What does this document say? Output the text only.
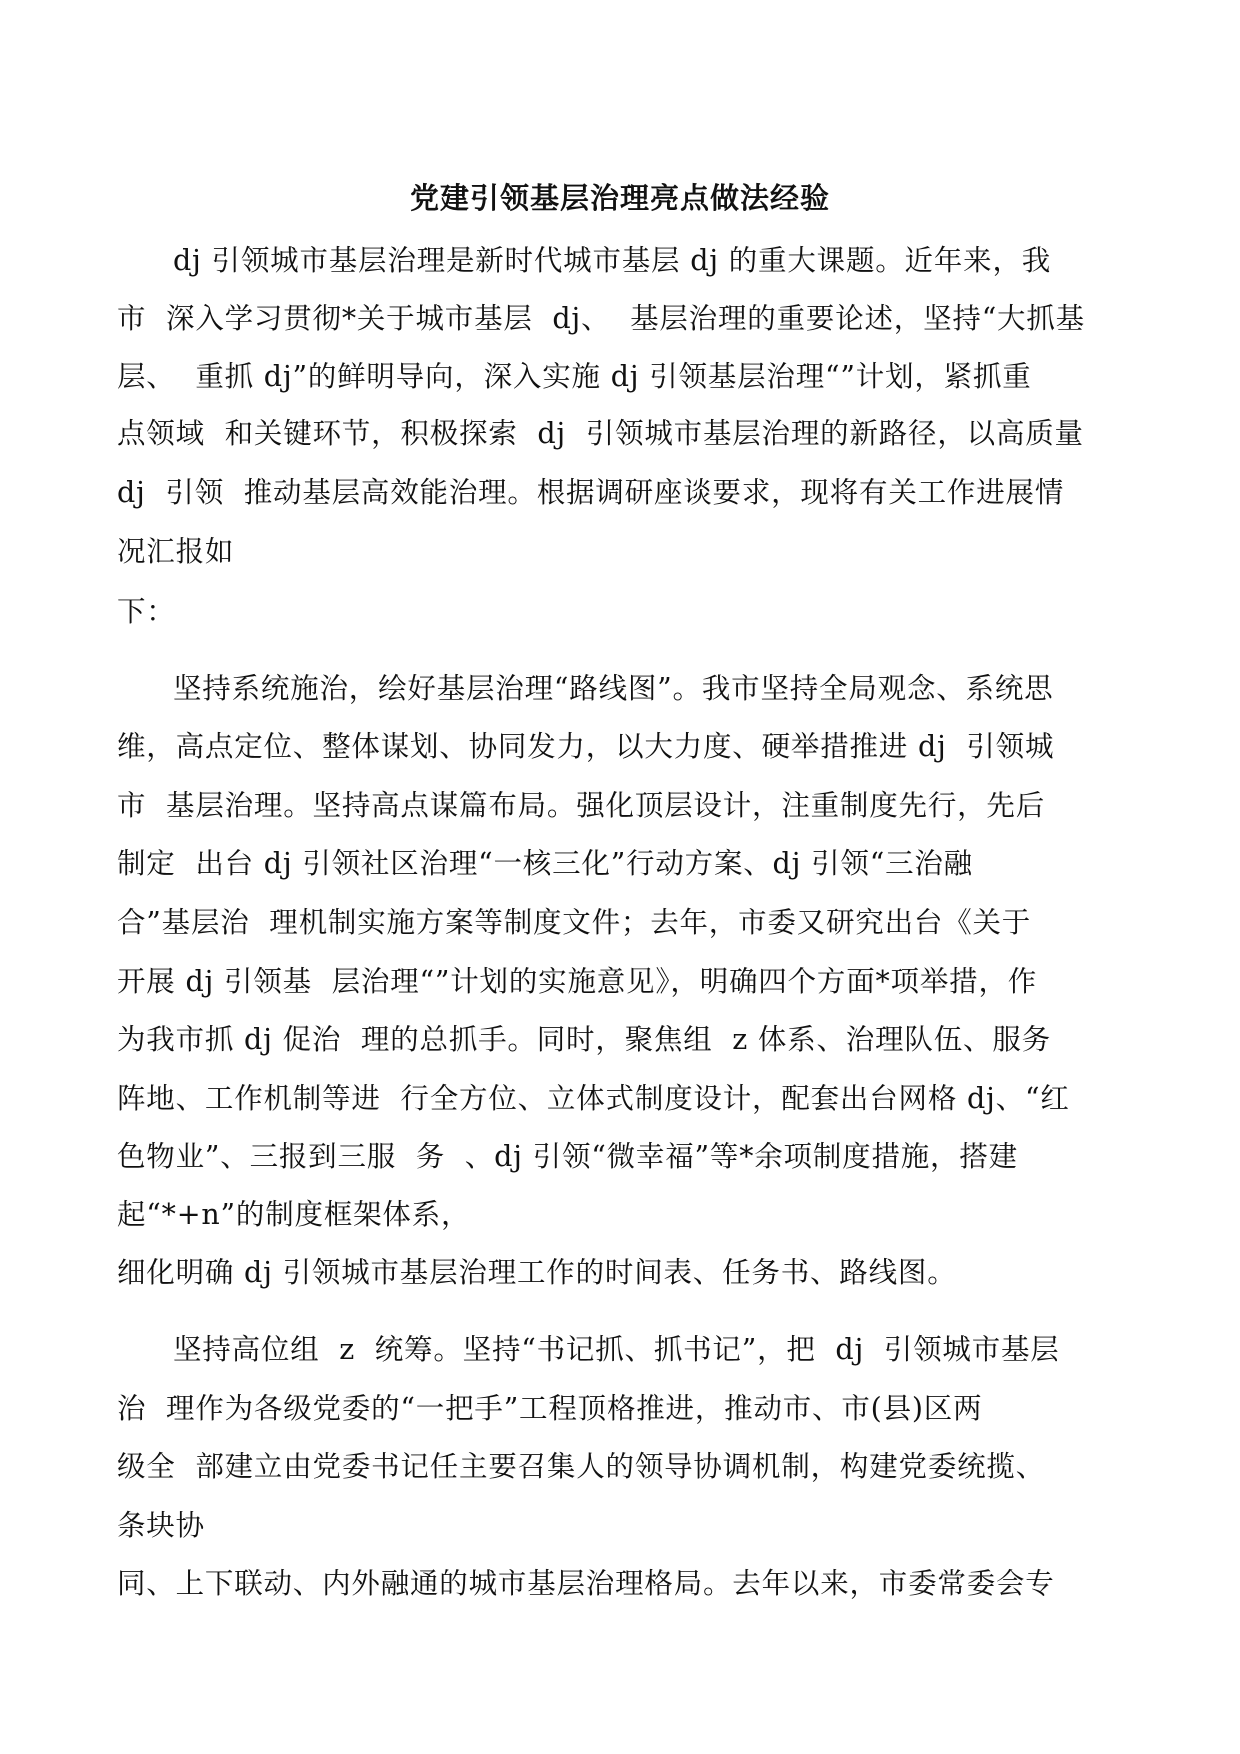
党建引领基层治理亮点做法经验
dj 引领城市基层治理是新时代城市基层 dj 的重大课题。近年来，我
市  深入学习贯彻*关于城市基层  dj、  基层治理的重要论述，坚持“大抓基
层、  重抓 dj”的鲜明导向，深入实施 dj 引领基层治理“”计划，紧抓重
点领域  和关键环节，积极探索  dj  引领城市基层治理的新路径，以高质量
dj  引领  推动基层高效能治理。根据调研座谈要求，现将有关工作进展情
况汇报如
下：
坚持系统施治，绘好基层治理“路线图”。我市坚持全局观念、系统思
维，高点定位、整体谋划、协同发力，以大力度、硬举措推进 dj  引领城
市  基层治理。坚持高点谋篇布局。强化顶层设计，注重制度先行，先后
制定  出台 dj 引领社区治理“一核三化”行动方案、dj 引领“三治融
合”基层治  理机制实施方案等制度文件；去年，市委又研究出台《关于
开展 dj 引领基  层治理“”计划的实施意见》，明确四个方面*项举措，作
为我市抓 dj 促治  理的总抓手。同时，聚焦组  z 体系、治理队伍、服务
阵地、工作机制等进  行全方位、立体式制度设计，配套出台网格 dj、“红
色物业”、三报到三服  务  、dj 引领“微幸福”等*余项制度措施，搭建
起“*+n”的制度框架体系，
细化明确 dj 引领城市基层治理工作的时间表、任务书、路线图。
坚持高位组  z  统筹。坚持“书记抓、抓书记”，把  dj  引领城市基层
治  理作为各级党委的“一把手”工程顶格推进，推动市、市(县)区两
级全  部建立由党委书记任主要召集人的领导协调机制，构建党委统揽、
条块协
同、上下联动、内外融通的城市基层治理格局。去年以来，市委常委会专
